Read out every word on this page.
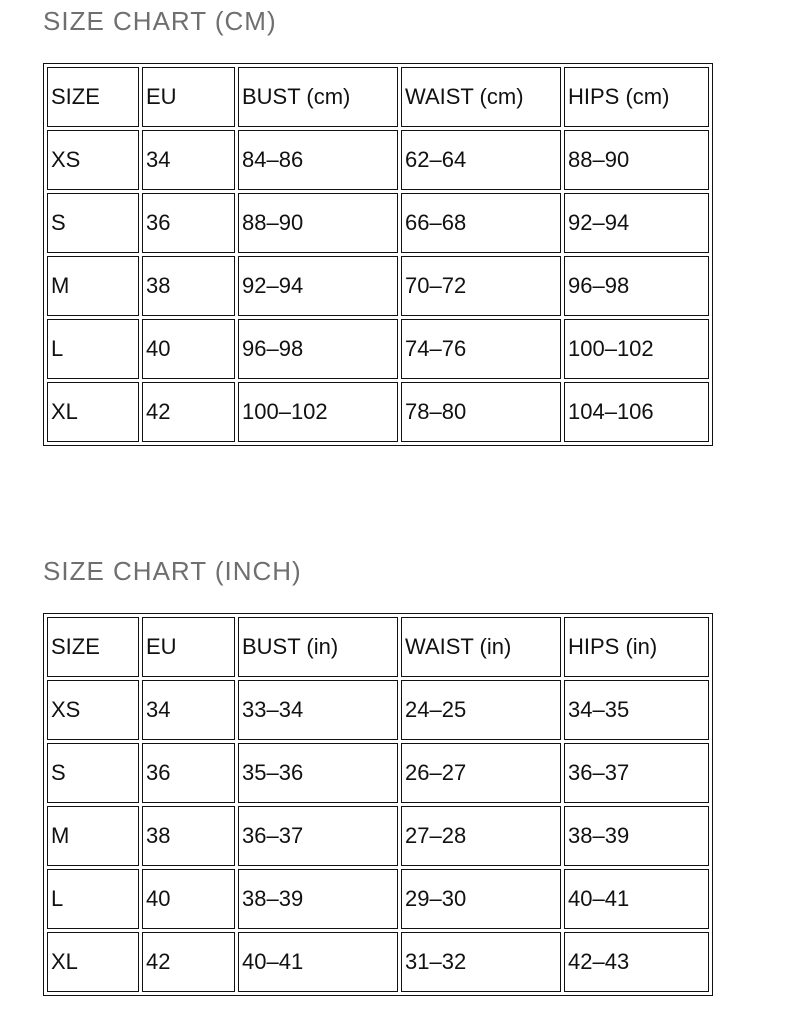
SIZE CHART (CM)
SIZE	EU	BUST (cm)	WAIST (cm)	HIPS (cm)
XS	34	84–86	62–64	88–90
S	36	88–90	66–68	92–94
M	38	92–94	70–72	96–98
L	40	96–98	74–76	100–102
XL	42	100–102	78–80	104–106
SIZE CHART (INCH)
SIZE	EU	BUST (in)	WAIST (in)	HIPS (in)
XS	34	33–34	24–25	34–35
S	36	35–36	26–27	36–37
M	38	36–37	27–28	38–39
L	40	38–39	29–30	40–41
XL	42	40–41	31–32	42–43
